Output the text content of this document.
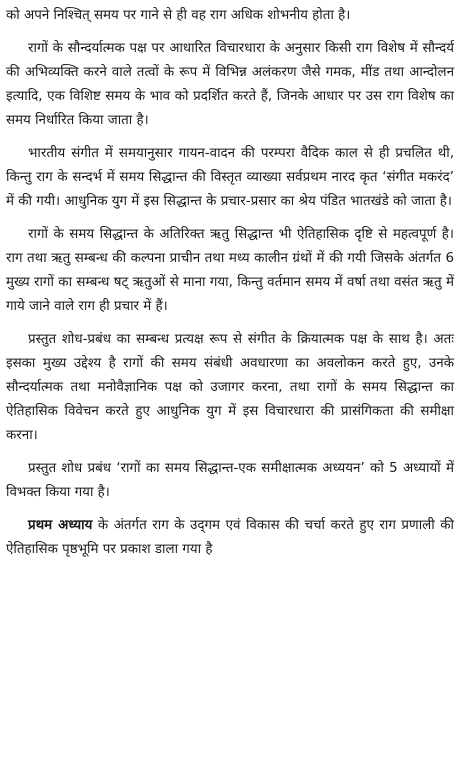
को अपने निश्चित् समय पर गाने से ही वह राग अधिक शोभनीय होता है।

रागों के सौन्दर्यात्मक पक्ष पर आधारित विचारधारा के अनुसार किसी राग विशेष में सौन्दर्य की अभिव्यक्ति करने वाले तत्वों के रूप में विभिन्न अलंकरण जैसे गमक, मींड तथा आन्दोलन इत्यादि, एक विशिष्ट समय के भाव को प्रदर्शित करते हैं, जिनके आधार पर उस राग विशेष का समय निर्धारित किया जाता है।

भारतीय संगीत में समयानुसार गायन-वादन की परम्परा वैदिक काल से ही प्रचलित थी, किन्तु राग के सन्दर्भ में समय सिद्धान्त की विस्तृत व्याख्या सर्वप्रथम नारद कृत ‘संगीत मकरंद’ में की गयी। आधुनिक युग में इस सिद्धान्त के प्रचार-प्रसार का श्रेय पंडित भातखंडे को जाता है।

रागों के समय सिद्धान्त के अतिरिक्त ऋतु सिद्धान्त भी ऐतिहासिक दृष्टि से महत्वपूर्ण है। राग तथा ऋतु सम्बन्ध की कल्पना प्राचीन तथा मध्य कालीन ग्रंथों में की गयी जिसके अंतर्गत 6 मुख्य रागों का सम्बन्ध षट् ऋतुओं से माना गया, किन्तु वर्तमान समय में वर्षा तथा वसंत ऋतु में गाये जाने वाले राग ही प्रचार में हैं।

प्रस्तुत शोध-प्रबंध का सम्बन्ध प्रत्यक्ष रूप से संगीत के क्रियात्मक पक्ष के साथ है। अतः इसका मुख्य उद्देश्य है रागों की समय संबंधी अवधारणा का अवलोकन करते हुए, उनके सौन्दर्यात्मक तथा मनोवैज्ञानिक पक्ष को उजागर करना, तथा रागों के समय सिद्धान्त का ऐतिहासिक विवेचन करते हुए आधुनिक युग में इस विचारधारा की प्रासंगिकता की समीक्षा करना।

प्रस्तुत शोध प्रबंध ‘रागों का समय सिद्धान्त-एक समीक्षात्मक अध्ययन’ को 5 अध्यायों में विभक्त किया गया है।

प्रथम अध्याय के अंतर्गत राग के उद्‌गम एवं विकास की चर्चा करते हुए राग प्रणाली की ऐतिहासिक पृष्ठभूमि पर प्रकाश डाला गया है
